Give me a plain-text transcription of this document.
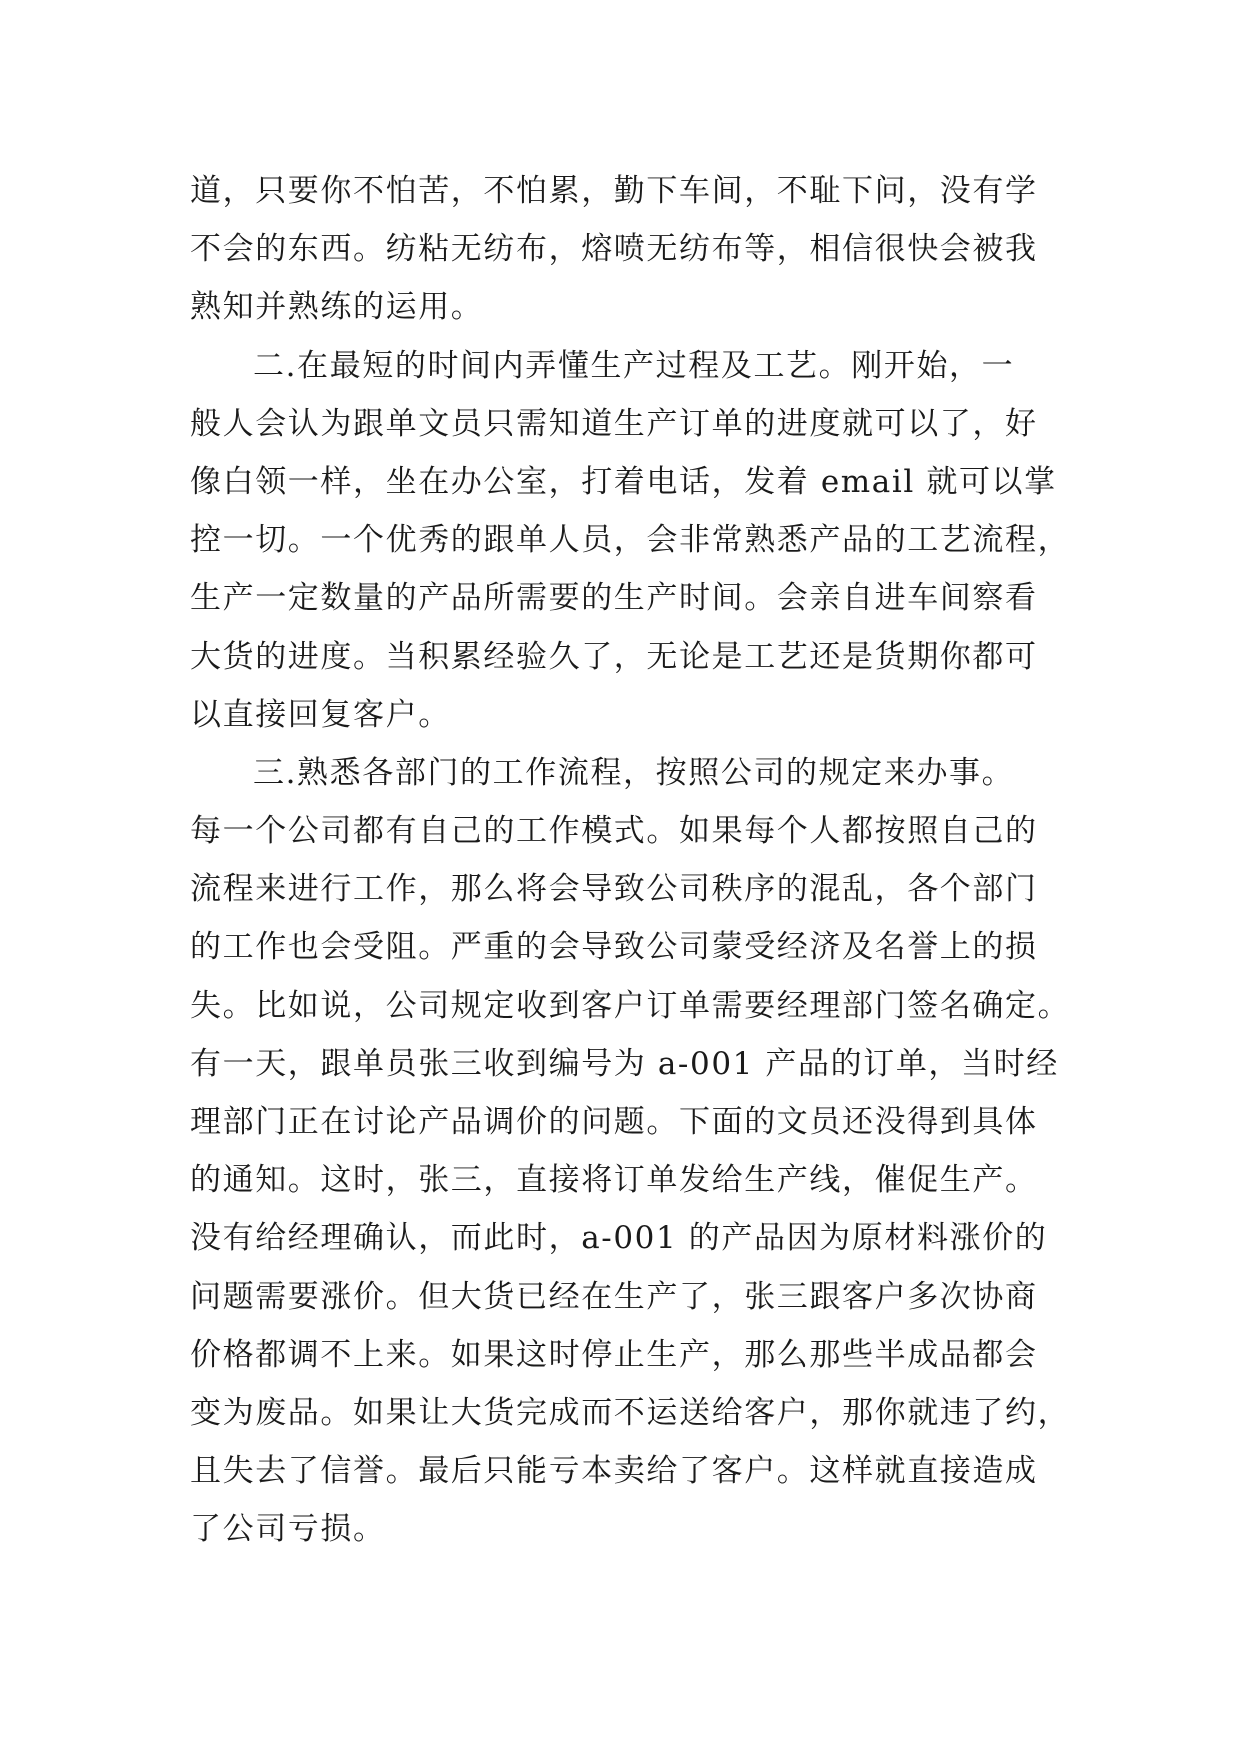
道，只要你不怕苦，不怕累，勤下车间，不耻下问，没有学
不会的东西。纺粘无纺布，熔喷无纺布等，相信很快会被我
熟知并熟练的运用。
二.在最短的时间内弄懂生产过程及工艺。刚开始，一
般人会认为跟单文员只需知道生产订单的进度就可以了，好
像白领一样，坐在办公室，打着电话，发着 email 就可以掌
控一切。一个优秀的跟单人员，会非常熟悉产品的工艺流程，
生产一定数量的产品所需要的生产时间。会亲自进车间察看
大货的进度。当积累经验久了，无论是工艺还是货期你都可
以直接回复客户。
三.熟悉各部门的工作流程，按照公司的规定来办事。
每一个公司都有自己的工作模式。如果每个人都按照自己的
流程来进行工作，那么将会导致公司秩序的混乱，各个部门
的工作也会受阻。严重的会导致公司蒙受经济及名誉上的损
失。比如说，公司规定收到客户订单需要经理部门签名确定。
有一天，跟单员张三收到编号为 a-001 产品的订单，当时经
理部门正在讨论产品调价的问题。下面的文员还没得到具体
的通知。这时，张三，直接将订单发给生产线，催促生产。
没有给经理确认，而此时，a-001 的产品因为原材料涨价的
问题需要涨价。但大货已经在生产了，张三跟客户多次协商
价格都调不上来。如果这时停止生产，那么那些半成品都会
变为废品。如果让大货完成而不运送给客户，那你就违了约，
且失去了信誉。最后只能亏本卖给了客户。这样就直接造成
了公司亏损。
